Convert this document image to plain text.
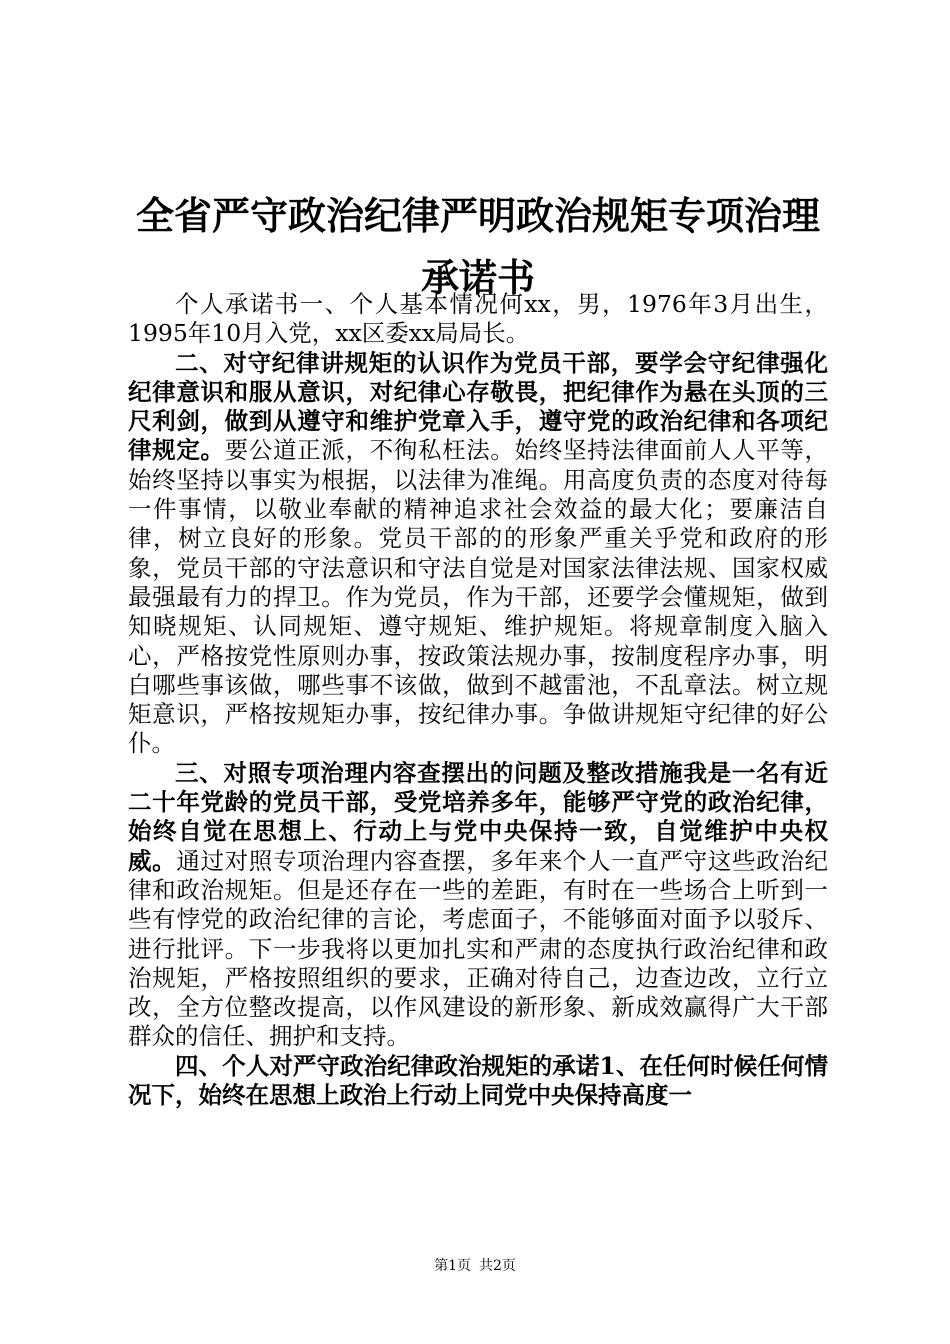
全省严守政治纪律严明政治规矩专项治理承诺书

个人承诺书一、个人基本情况何xx，男，1976年3月出生，1995年10月入党，xx区委xx局局长。

二、对守纪律讲规矩的认识作为党员干部，要学会守纪律强化纪律意识和服从意识，对纪律心存敬畏，把纪律作为悬在头顶的三尺利剑，做到从遵守和维护党章入手，遵守党的政治纪律和各项纪律规定。要公道正派，不徇私枉法。始终坚持法律面前人人平等，始终坚持以事实为根据，以法律为准绳。用高度负责的态度对待每一件事情，以敬业奉献的精神追求社会效益的最大化；要廉洁自律，树立良好的形象。党员干部的的形象严重关乎党和政府的形象，党员干部的守法意识和守法自觉是对国家法律法规、国家权威最强最有力的捍卫。作为党员，作为干部，还要学会懂规矩，做到知晓规矩、认同规矩、遵守规矩、维护规矩。将规章制度入脑入心，严格按党性原则办事，按政策法规办事，按制度程序办事，明白哪些事该做，哪些事不该做，做到不越雷池，不乱章法。树立规矩意识，严格按规矩办事，按纪律办事。争做讲规矩守纪律的好公仆。

三、对照专项治理内容查摆出的问题及整改措施我是一名有近二十年党龄的党员干部，受党培养多年，能够严守党的政治纪律，始终自觉在思想上、行动上与党中央保持一致，自觉维护中央权威。通过对照专项治理内容查摆，多年来个人一直严守这些政治纪律和政治规矩。但是还存在一些的差距，有时在一些场合上听到一些有悖党的政治纪律的言论，考虑面子，不能够面对面予以驳斥、进行批评。下一步我将以更加扎实和严肃的态度执行政治纪律和政治规矩，严格按照组织的要求，正确对待自己，边查边改，立行立改，全方位整改提高，以作风建设的新形象、新成效赢得广大干部群众的信任、拥护和支持。

四、个人对严守政治纪律政治规矩的承诺1、在任何时候任何情况下，始终在思想上政治上行动上同党中央保持高度一

第1页 共2页
